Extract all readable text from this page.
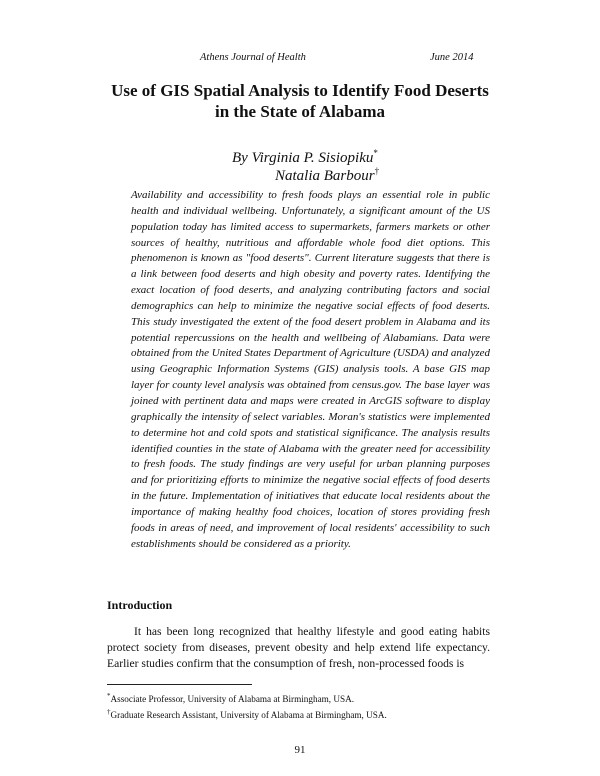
Athens Journal of Health	June 2014
Use of GIS Spatial Analysis to Identify Food Deserts in the State of Alabama
By Virginia P. Sisiopiku*
Natalia Barbour†

Availability and accessibility to fresh foods plays an essential role in public health and individual wellbeing. Unfortunately, a significant amount of the US population today has limited access to supermarkets, farmers markets or other sources of healthy, nutritious and affordable whole food diet options. This phenomenon is known as "food deserts". Current literature suggests that there is a link between food deserts and high obesity and poverty rates. Identifying the exact location of food deserts, and analyzing contributing factors and social demographics can help to minimize the negative social effects of food deserts. This study investigated the extent of the food desert problem in Alabama and its potential repercussions on the health and wellbeing of Alabamians. Data were obtained from the United States Department of Agriculture (USDA) and analyzed using Geographic Information Systems (GIS) analysis tools. A base GIS map layer for county level analysis was obtained from census.gov. The base layer was joined with pertinent data and maps were created in ArcGIS software to display graphically the intensity of select variables. Moran's statistics were implemented to determine hot and cold spots and statistical significance. The analysis results identified counties in the state of Alabama with the greater need for accessibility to fresh foods. The study findings are very useful for urban planning purposes and for prioritizing efforts to minimize the negative social effects of food deserts in the future. Implementation of initiatives that educate local residents about the importance of making healthy food choices, location of stores providing fresh foods in areas of need, and improvement of local residents' accessibility to such establishments should be considered as a priority.

Introduction

It has been long recognized that healthy lifestyle and good eating habits protect society from diseases, prevent obesity and help extend life expectancy. Earlier studies confirm that the consumption of fresh, non-processed foods is

*Associate Professor, University of Alabama at Birmingham, USA.
†Graduate Research Assistant, University of Alabama at Birmingham, USA.
91
